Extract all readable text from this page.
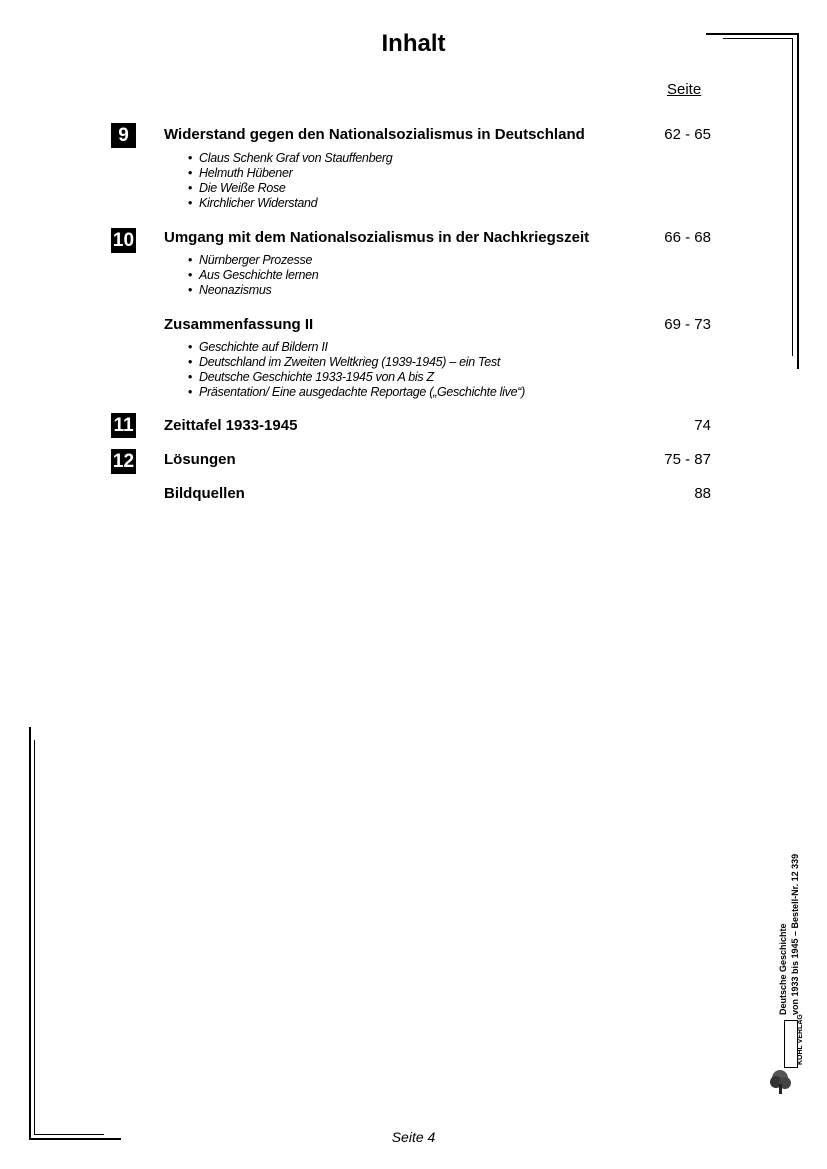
Inhalt
Seite
9	Widerstand gegen den Nationalsozialismus in Deutschland	62 - 65
• Claus Schenk Graf von Stauffenberg
• Helmuth Hübener
• Die Weiße Rose
• Kirchlicher Widerstand
10 Umgang mit dem Nationalsozialismus in der Nachkriegszeit	66 - 68
• Nürnberger Prozesse
• Aus Geschichte lernen
• Neonazismus
Zusammenfassung II	69 - 73
• Geschichte auf Bildern II
• Deutschland im Zweiten Weltkrieg (1939-1945) – ein Test
• Deutsche Geschichte 1933-1945 von A bis Z
• Präsentation/ Eine ausgedachte Reportage („Geschichte live“)
11 Zeittafel 1933-1945	74
12 Lösungen	75 - 87
Bildquellen	88
Deutsche Geschichte von 1933 bis 1945 – Bestell-Nr. 12 339
KOHL VERLAG
Seite 4
